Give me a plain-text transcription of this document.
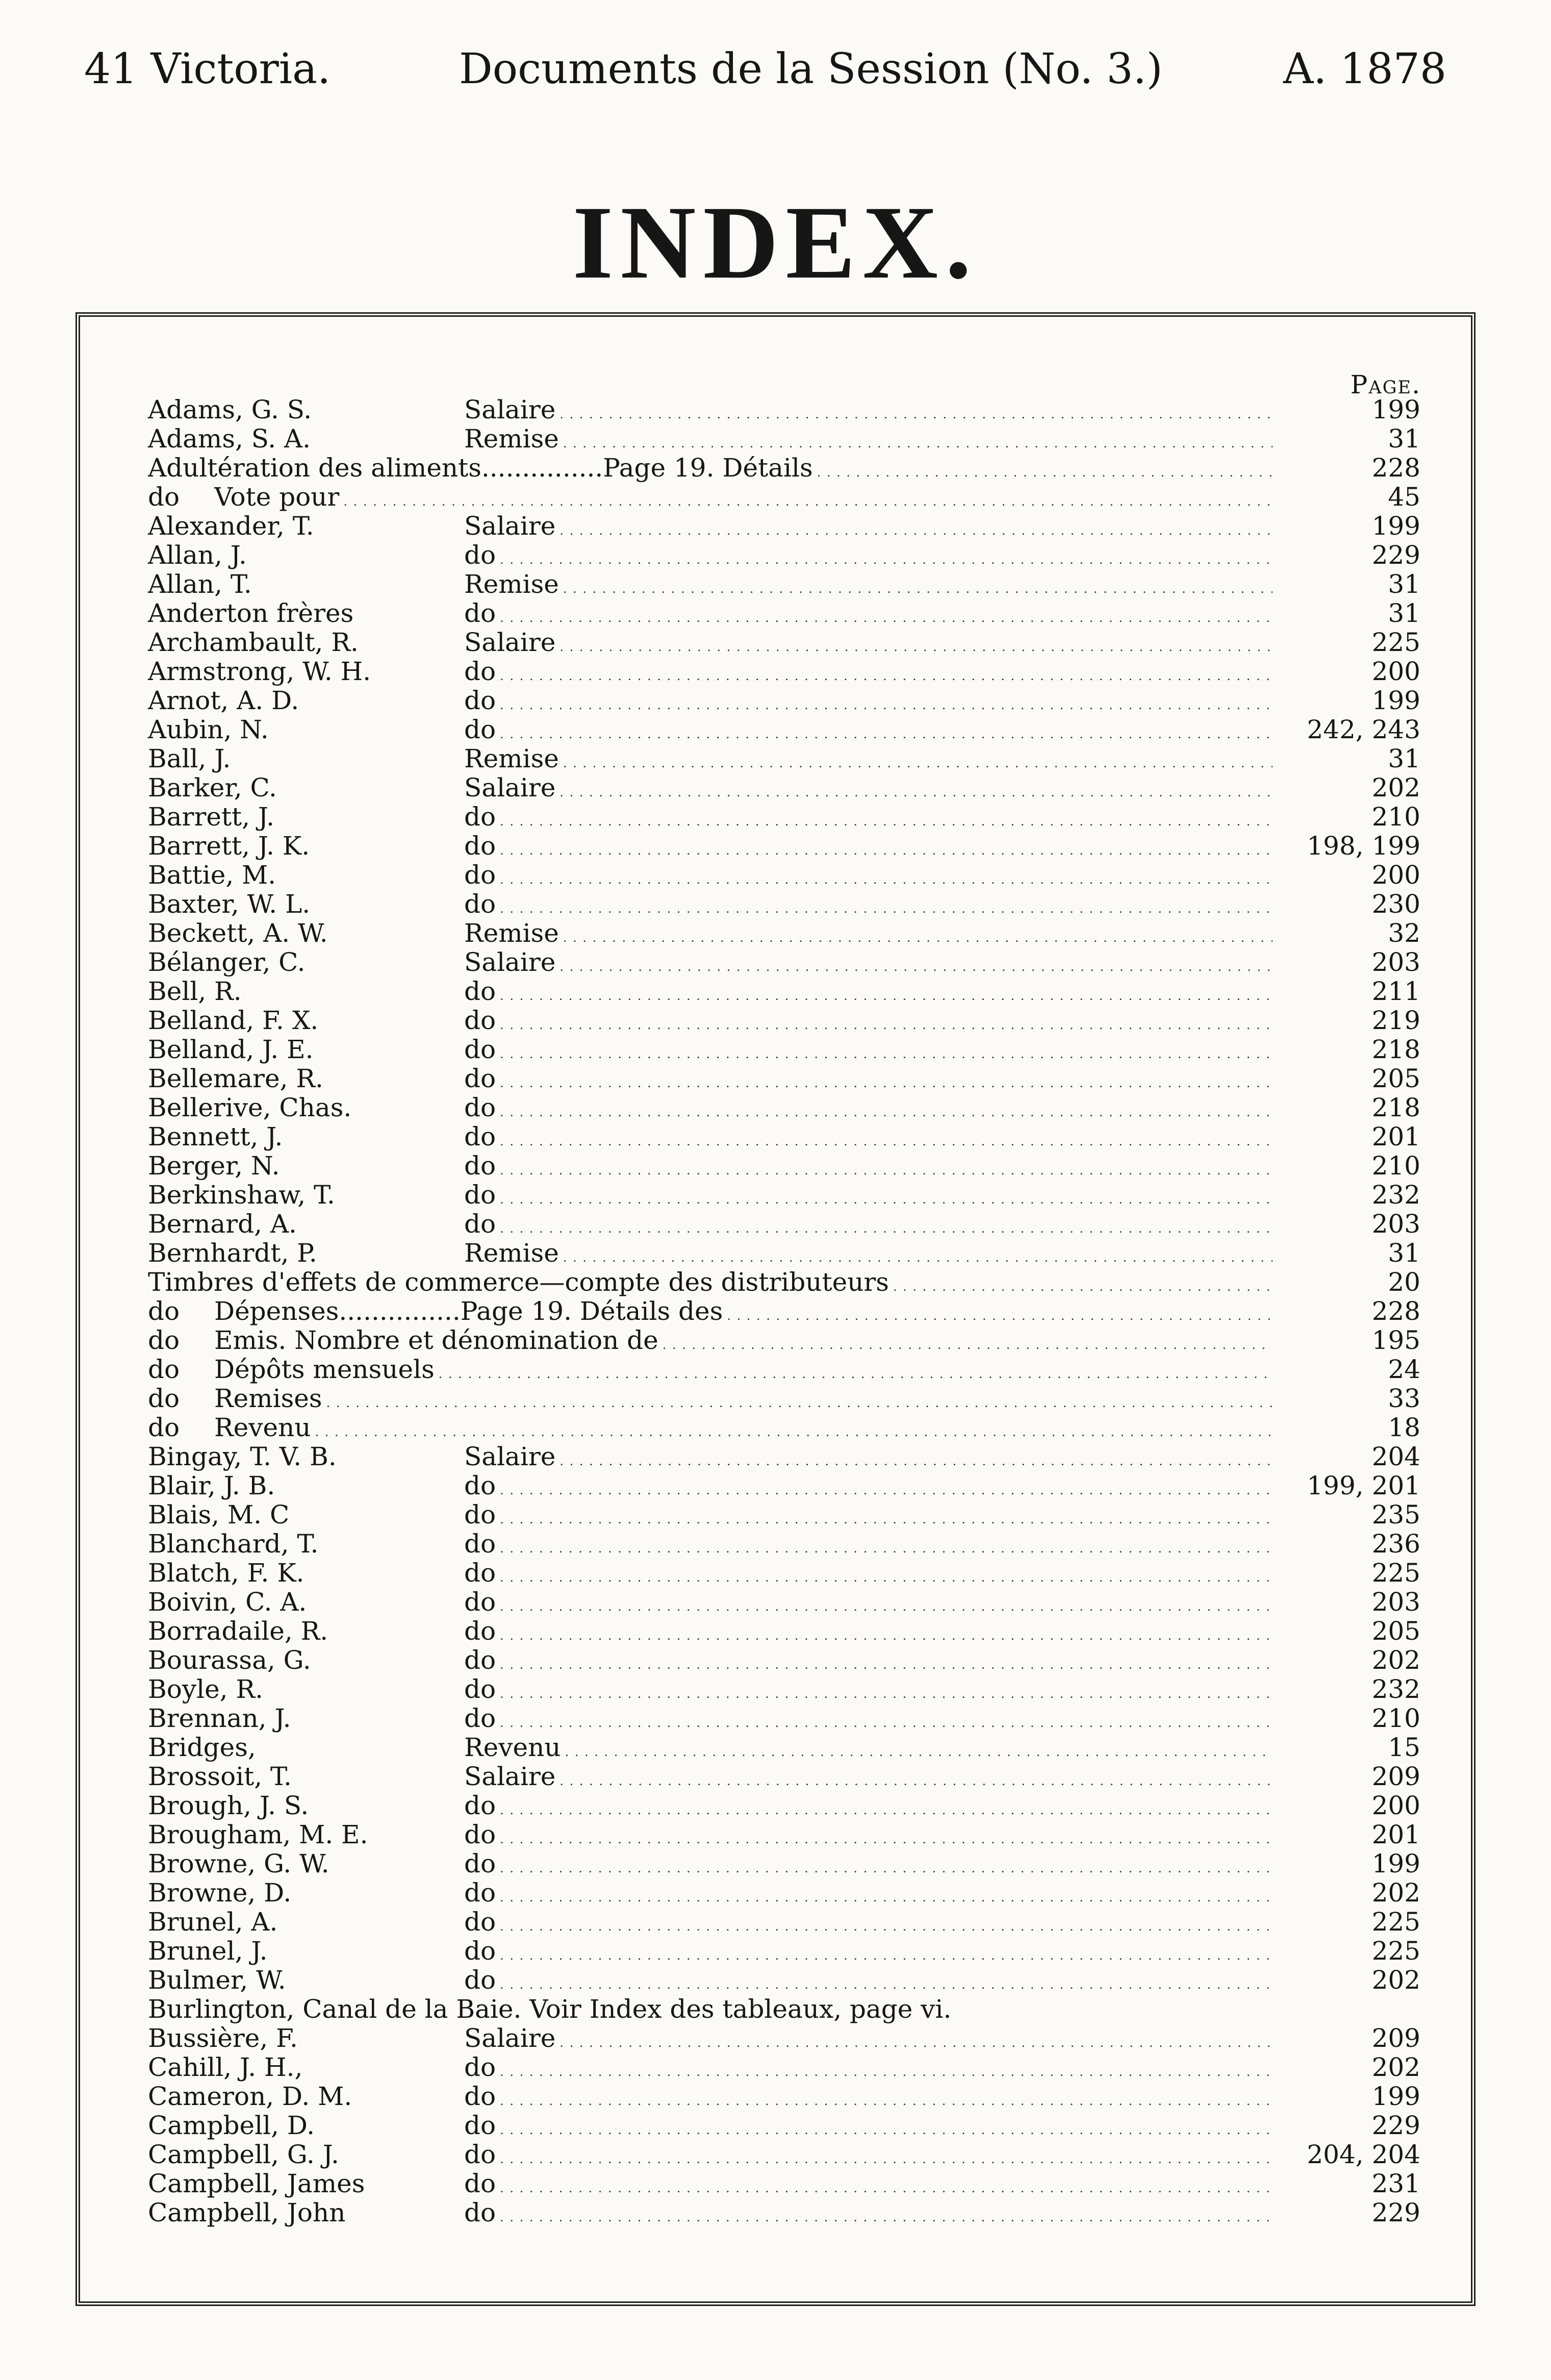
41 Victoria.	Documents de la Session (No. 3.)	A. 1878
INDEX.
Page.
Adams, G. S.	Salaire . . .	199
Adams, S. A.	Remise . . .	31
Adultération des aliments...............Page 19. Détails . . .	228
do Vote pour . . .	45
Alexander, T.	Salaire . . .	199
Allan, J.	do . . .	229
Allan, T.	Remise . . .	31
Anderton frères	do . . .	31
Archambault, R.	Salaire . . .	225
Armstrong, W. H.	do . . .	200
Arnot, A. D.	do . . .	199
Aubin, N.	do . . .	242, 243
Ball, J.	Remise . . .	31
Barker, C.	Salaire . . .	202
Barrett, J.	do . . .	210
Barrett, J. K.	do . . .	198, 199
Battie, M.	do . . .	200
Baxter, W. L.	do . . .	230
Beckett, A. W.	Remise . . .	32
Bélanger, C.	Salaire . . .	203
Bell, R.	do . . .	211
Belland, F. X.	do . . .	219
Belland, J. E.	do . . .	218
Bellemare, R.	do . . .	205
Bellerive, Chas.	do . . .	218
Bennett, J.	do . . .	201
Berger, N.	do . . .	210
Berkinshaw, T.	do . . .	232
Bernard, A.	do . . .	203
Bernhardt, P.	Remise . . .	31
Timbres d'effets de commerce—compte des distributeurs . . .	20
do Dépenses...............Page 19. Détails des . . .	228
do Emis. Nombre et dénomination de . . .	195
do Dépôts mensuels . . .	24
do Remises . . .	33
do Revenu . . .	18
Bingay, T. V. B.	Salaire . . .	204
Blair, J. B.	do . . .	199, 201
Blais, M. C	do . . .	235
Blanchard, T.	do . . .	236
Blatch, F. K.	do . . .	225
Boivin, C. A.	do . . .	203
Borradaile, R.	do . . .	205
Bourassa, G.	do . . .	202
Boyle, R.	do . . .	232
Brennan, J.	do . . .	210
Bridges,	Revenu . . .	15
Brossoit, T.	Salaire . . .	209
Brough, J. S.	do . . .	200
Brougham, M. E.	do . . .	201
Browne, G. W.	do . . .	199
Browne, D.	do . . .	202
Brunel, A.	do . . .	225
Brunel, J.	do . . .	225
Bulmer, W.	do . . .	202
Burlington, Canal de la Baie. Voir Index des tableaux, page vi.
Bussière, F.	Salaire . . .	209
Cahill, J. H.,	do . . .	202
Cameron, D. M.	do . . .	199
Campbell, D.	do . . .	229
Campbell, G. J.	do . . .	204, 204
Campbell, James	do . . .	231
Campbell, John	do . . .	229
